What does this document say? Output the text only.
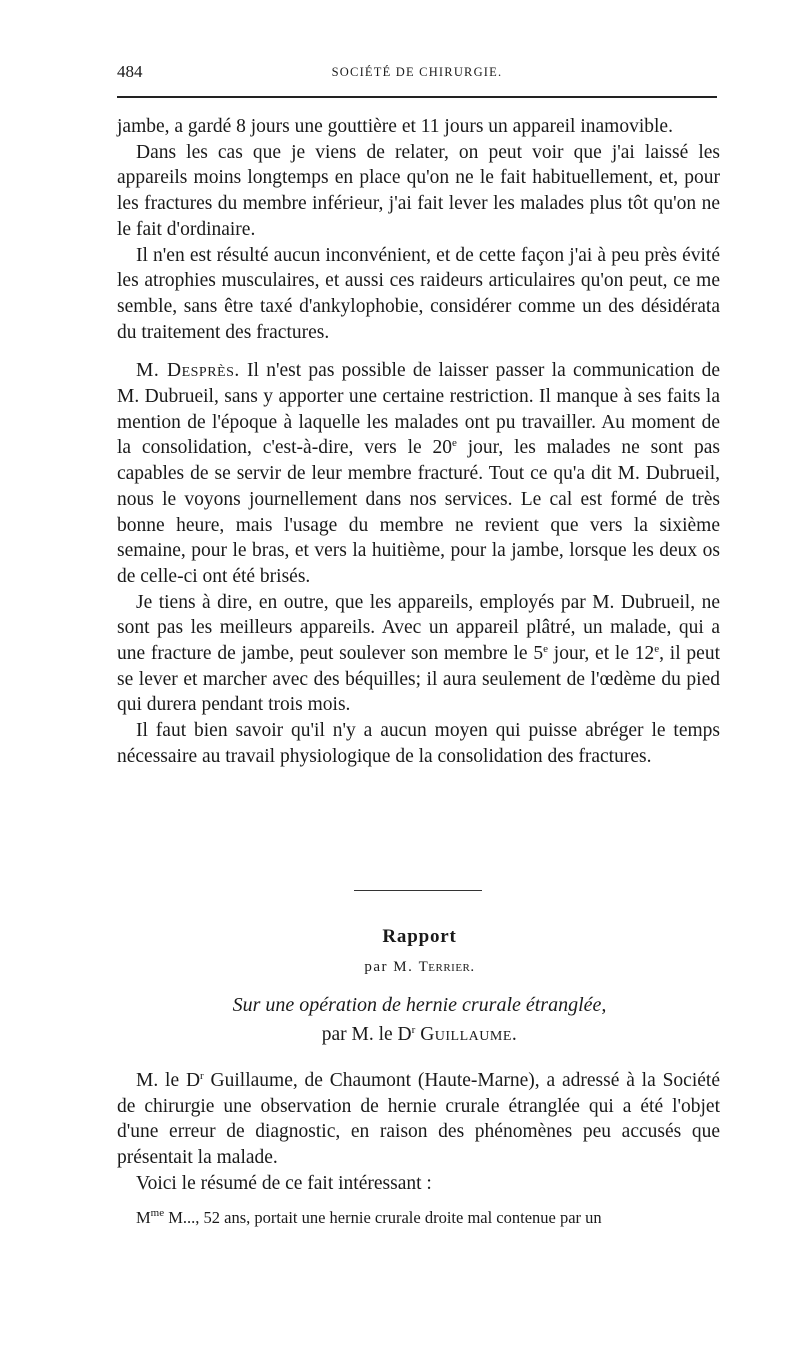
484	SOCIÉTÉ DE CHIRURGIE.

jambe, a gardé 8 jours une gouttière et 11 jours un appareil inamovible.

Dans les cas que je viens de relater, on peut voir que j'ai laissé les appareils moins longtemps en place qu'on ne le fait habituellement, et, pour les fractures du membre inférieur, j'ai fait lever les malades plus tôt qu'on ne le fait d'ordinaire.

Il n'en est résulté aucun inconvénient, et de cette façon j'ai à peu près évité les atrophies musculaires, et aussi ces raideurs articulaires qu'on peut, ce me semble, sans être taxé d'ankylophobie, considérer comme un des désidérata du traitement des fractures.

M. Desprès. Il n'est pas possible de laisser passer la communication de M. Dubrueil, sans y apporter une certaine restriction. Il manque à ses faits la mention de l'époque à laquelle les malades ont pu travailler. Au moment de la consolidation, c'est-à-dire, vers le 20e jour, les malades ne sont pas capables de se servir de leur membre fracturé. Tout ce qu'a dit M. Dubrueil, nous le voyons journellement dans nos services. Le cal est formé de très bonne heure, mais l'usage du membre ne revient que vers la sixième semaine, pour le bras, et vers la huitième, pour la jambe, lorsque les deux os de celle-ci ont été brisés.

Je tiens à dire, en outre, que les appareils, employés par M. Dubrueil, ne sont pas les meilleurs appareils. Avec un appareil plâtré, un malade, qui a une fracture de jambe, peut soulever son membre le 5e jour, et le 12e, il peut se lever et marcher avec des béquilles; il aura seulement de l'œdème du pied qui durera pendant trois mois.

Il faut bien savoir qu'il n'y a aucun moyen qui puisse abréger le temps nécessaire au travail physiologique de la consolidation des fractures.

Rapport
par M. Terrier.
Sur une opération de hernie crurale étranglée,
par M. le $D^r$ Guillaume.

M. le $D^r$ Guillaume, de Chaumont (Haute-Marne), a adressé à la Société de chirurgie une observation de hernie crurale étranglée qui a été l'objet d'une erreur de diagnostic, en raison des phénomènes peu accusés que présentait la malade.

Voici le résumé de ce fait intéressant :

$M^{me}$ M..., 52 ans, portait une hernie crurale droite mal contenue par un
